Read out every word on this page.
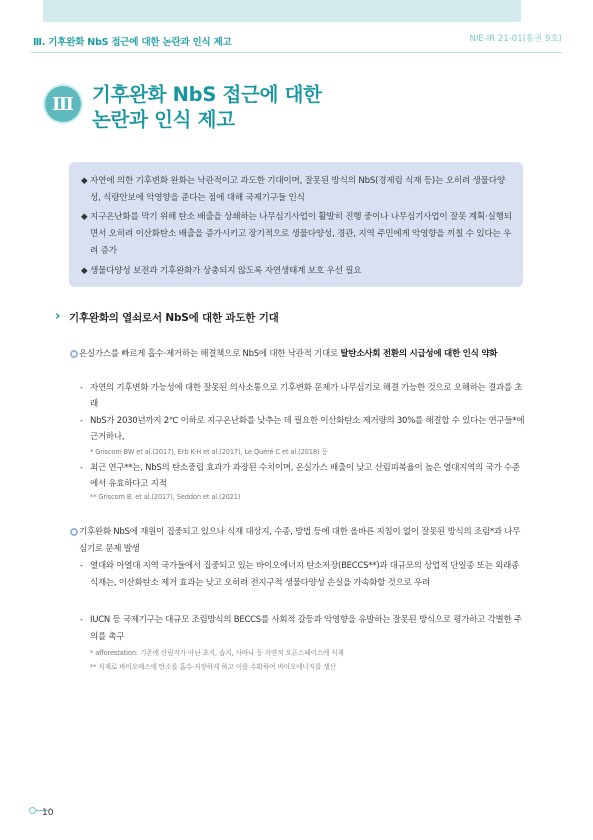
Ⅲ. 기후완화 NbS 접근에 대한 논란과 인식 제고	NIE-IR 21-01(통권 9호)
Ⅲ 기후완화 NbS 접근에 대한
논란과 인식 제고
◆ 자연에 의한 기후변화 완화는 낙관적이고 과도한 기대이며, 잘못된 방식의 NbS(경제림 식재 등)는 오히려 생물다양성, 식량안보에 악영향을 준다는 점에 대해 국제기구들 인식
◆ 지구온난화를 막기 위해 탄소 배출을 상쇄하는 나무심기사업이 활발히 진행 중이나 나무심기사업이 잘못 계획·실행되면서 오히려 이산화탄소 배출을 증가시키고 장기적으로 생물다양성, 경관, 지역 주민에게 악영향을 끼칠 수 있다는 우려 증가
◆ 생물다양성 보전과 기후완화가 상충되지 않도록 자연생태계 보호 우선 필요
› 기후완화의 열쇠로서 NbS에 대한 과도한 기대
온실가스를 빠르게 흡수·제거하는 해결책으로 NbS에 대한 낙관적 기대로 탈탄소사회 전환의 시급성에 대한 인식 약화
- 자연의 기후변화 가능성에 대한 잘못된 의사소통으로 기후변화 문제가 나무심기로 해결 가능한 것으로 오해하는 결과를 초래
- NbS가 2030년까지 2℃ 이하로 지구온난화를 낮추는 데 필요한 이산화탄소 제거량의 30%를 해결할 수 있다는 연구들*에 근거하나,
* Griscom BW et al.(2017), Erb K-H et al.(2017), Le Quéré C et al.(2018) 등
- 최근 연구**는, NbS의 탄소중립 효과가 과장된 수치이며, 온실가스 배출이 낮고 산림피복율이 높은 열대지역의 국가 수준에서 유효하다고 지적
** Griscom B. et al.(2017), Seddon et al.(2021)
기후완화 NbS에 재원이 집중되고 있으나 식재 대상지, 수종, 방법 등에 대한 올바른 지침이 없이 잘못된 방식의 조림*과 나무심기로 문제 발생
- 열대와 아열대 지역 국가들에서 집중되고 있는 바이오에너지 탄소저장(BECCS**)과 대규모의 상업적 단일종 또는 외래종 식재는, 이산화탄소 제거 효과는 낮고 오히려 전지구적 생물다양성 손실을 가속화할 것으로 우려
- IUCN 등 국제기구는 대규모 조림방식의 BECCS를 사회적 갈등과 악영향을 유발하는 잘못된 방식으로 평가하고 각별한 주의를 촉구
* afforestation: 기존에 산림지가 아닌 초지, 습지, 사바나 등 자연적 오픈스페이스에 식재
** 식재로 바이오매스에 탄소를 흡수·저장하게 하고 이를 수확하여 바이오에너지를 생산
10
